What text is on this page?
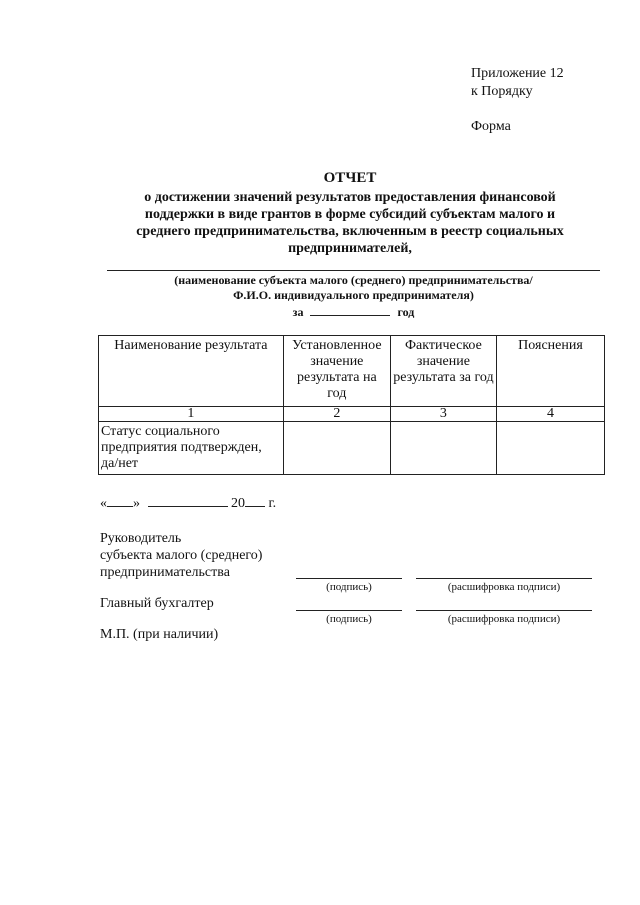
Приложение 12
к Порядку
Форма
ОТЧЕТ
о достижении значений результатов предоставления финансовой
поддержки в виде грантов в форме субсидий субъектам малого и
среднего предпринимательства, включенным в реестр социальных
предпринимателей,
(наименование субъекта малого (среднего) предпринимательства/
Ф.И.О. индивидуального предпринимателя)
за	год
Наименование результата	Установленное значение результата на год	Фактическое значение результата за год	Пояснения
1	2	3	4
Статус социального предприятия подтвержден, да/нет			
« »	20 г.
Руководитель
субъекта малого (среднего)
предпринимательства
(подпись)	(расшифровка подписи)
Главный бухгалтер
(подпись)	(расшифровка подписи)
М.П. (при наличии)
